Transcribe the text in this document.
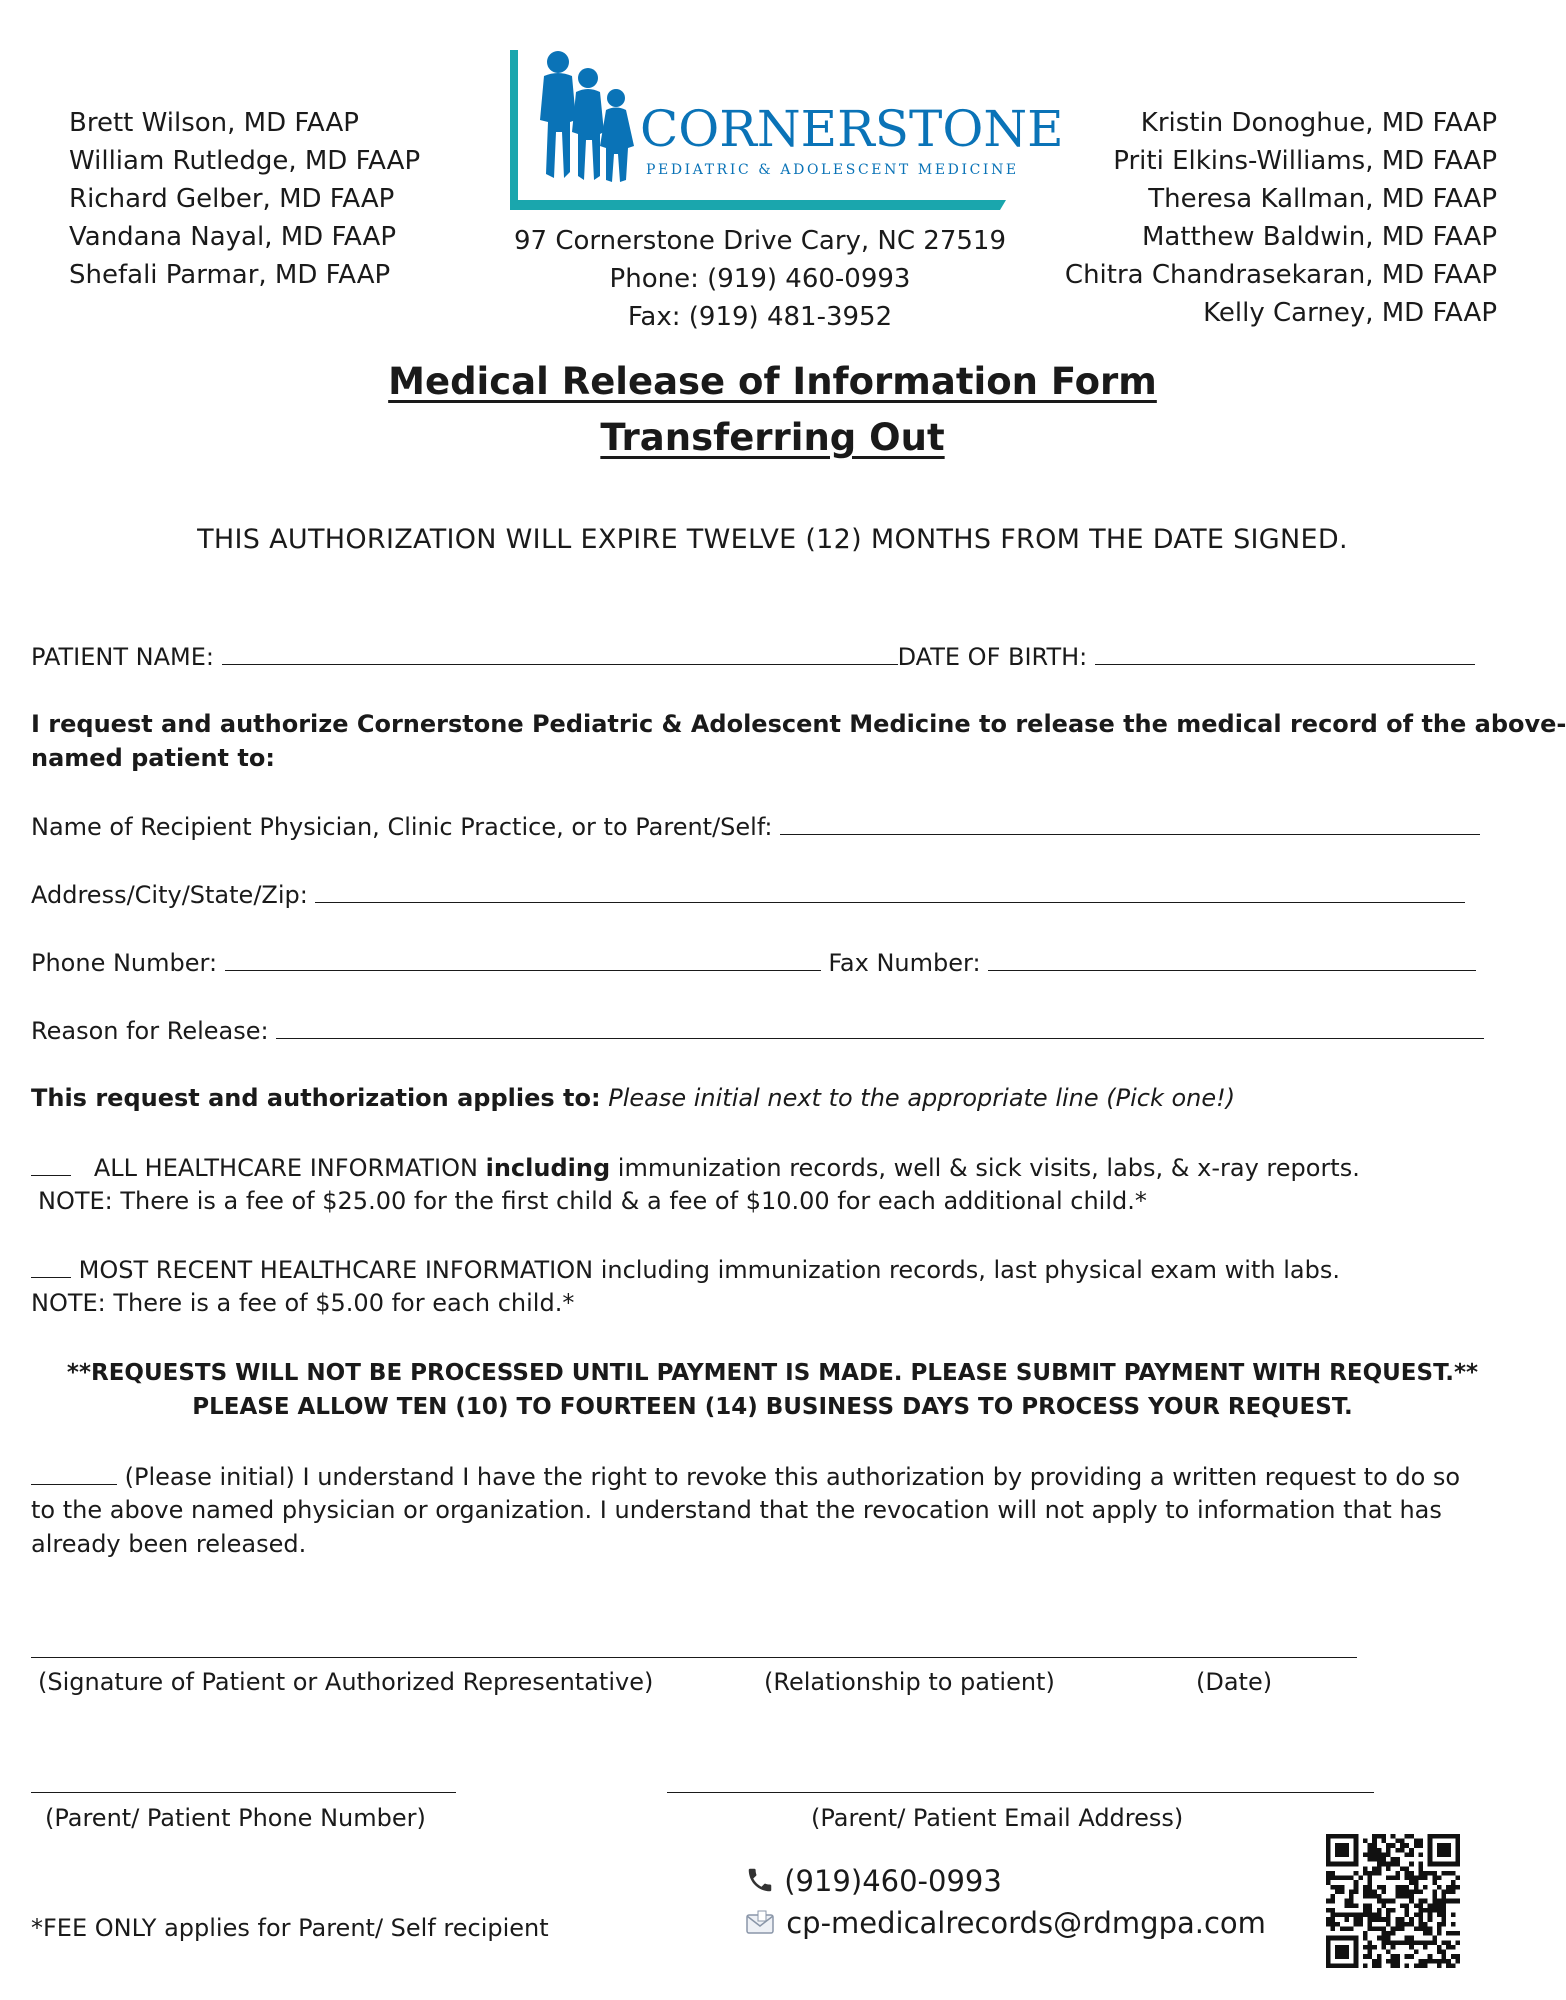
Brett Wilson, MD FAAP
William Rutledge, MD FAAP
Richard Gelber, MD FAAP
Vandana Nayal, MD FAAP
Shefali Parmar, MD FAAP
Kristin Donoghue, MD FAAP
Priti Elkins-Williams, MD FAAP
Theresa Kallman, MD FAAP
Matthew Baldwin, MD FAAP
Chitra Chandrasekaran, MD FAAP
Kelly Carney, MD FAAP
CORNERSTONE
PEDIATRIC & ADOLESCENT MEDICINE
97 Cornerstone Drive Cary, NC 27519
Phone: (919) 460-0993
Fax: (919) 481-3952
Medical Release of Information Form
Transferring Out
THIS AUTHORIZATION WILL EXPIRE TWELVE (12) MONTHS FROM THE DATE SIGNED.
PATIENT NAME:	DATE OF BIRTH:
I request and authorize Cornerstone Pediatric & Adolescent Medicine to release the medical record of the above-
named patient to:
Name of Recipient Physician, Clinic Practice, or to Parent/Self:
Address/City/State/Zip:
Phone Number:	Fax Number:
Reason for Release:
This request and authorization applies to: Please initial next to the appropriate line (Pick one!)
ALL HEALTHCARE INFORMATION including immunization records, well & sick visits, labs, & x-ray reports.
NOTE: There is a fee of $25.00 for the first child & a fee of $10.00 for each additional child.*
MOST RECENT HEALTHCARE INFORMATION including immunization records, last physical exam with labs.
NOTE: There is a fee of $5.00 for each child.*
**REQUESTS WILL NOT BE PROCESSED UNTIL PAYMENT IS MADE. PLEASE SUBMIT PAYMENT WITH REQUEST.**
PLEASE ALLOW TEN (10) TO FOURTEEN (14) BUSINESS DAYS TO PROCESS YOUR REQUEST.
(Please initial) I understand I have the right to revoke this authorization by providing a written request to do so
to the above named physician or organization. I understand that the revocation will not apply to information that has
already been released.
(Signature of Patient or Authorized Representative)	(Relationship to patient)	(Date)
(Parent/ Patient Phone Number)	(Parent/ Patient Email Address)
*FEE ONLY applies for Parent/ Self recipient
(919)460-0993
cp-medicalrecords@rdmgpa.com
